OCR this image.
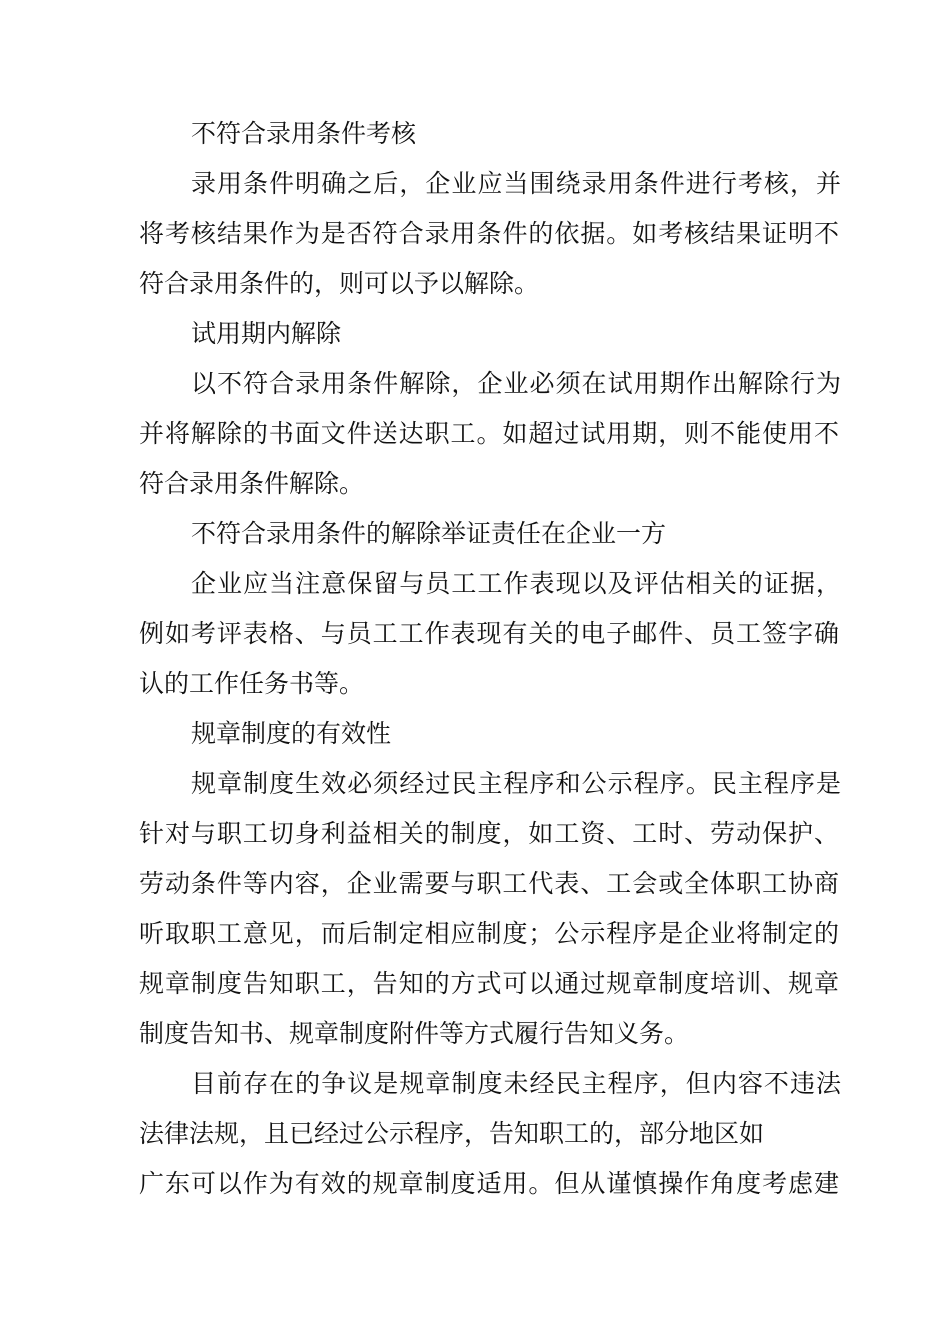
不符合录用条件考核
录用条件明确之后，企业应当围绕录用条件进行考核，并
将考核结果作为是否符合录用条件的依据。如考核结果证明不
符合录用条件的，则可以予以解除。
试用期内解除
以不符合录用条件解除，企业必须在试用期作出解除行为
并将解除的书面文件送达职工。如超过试用期，则不能使用不
符合录用条件解除。
不符合录用条件的解除举证责任在企业一方
企业应当注意保留与员工工作表现以及评估相关的证据，
例如考评表格、与员工工作表现有关的电子邮件、员工签字确
认的工作任务书等。
规章制度的有效性
规章制度生效必须经过民主程序和公示程序。民主程序是
针对与职工切身利益相关的制度，如工资、工时、劳动保护、
劳动条件等内容，企业需要与职工代表、工会或全体职工协商
听取职工意见，而后制定相应制度；公示程序是企业将制定的
规章制度告知职工，告知的方式可以通过规章制度培训、规章
制度告知书、规章制度附件等方式履行告知义务。
目前存在的争议是规章制度未经民主程序，但内容不违法
法律法规，且已经过公示程序，告知职工的，部分地区如
广东可以作为有效的规章制度适用。但从谨慎操作角度考虑建
